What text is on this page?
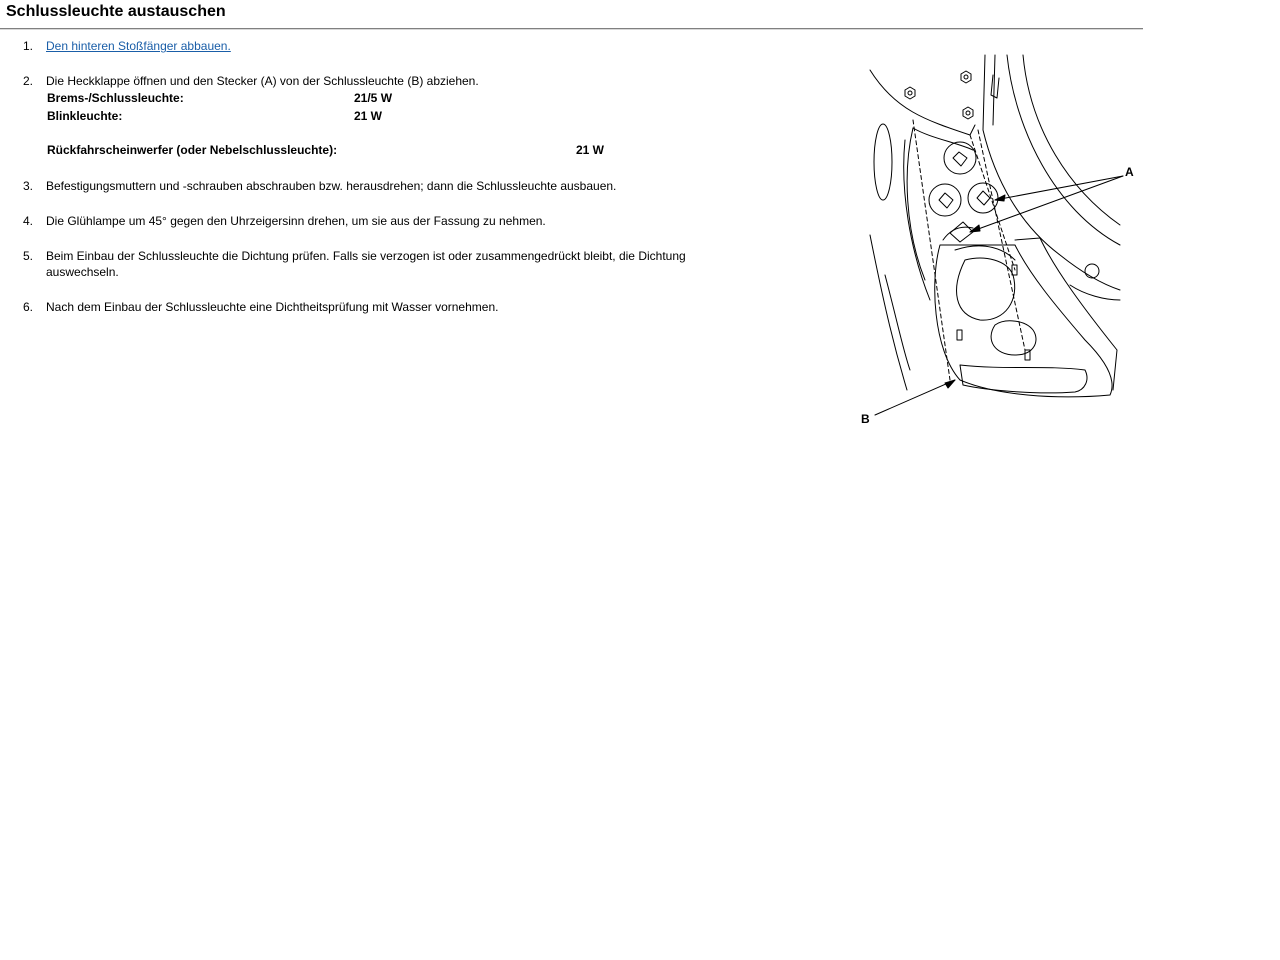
Schlussleuchte austauschen
1.	Den hinteren Stoßfänger abbauen.
2.	Die Heckklappe öffnen und den Stecker (A) von der Schlussleuchte (B) abziehen.
Brems-/Schlussleuchte:	21/5 W
Blinkleuchte:	21 W
Rückfahrscheinwerfer (oder Nebelschlussleuchte):	21 W
3.	Befestigungsmuttern und -schrauben abschrauben bzw. herausdrehen; dann die Schlussleuchte ausbauen.
4.	Die Glühlampe um 45° gegen den Uhrzeigersinn drehen, um sie aus der Fassung zu nehmen.
5.	Beim Einbau der Schlussleuchte die Dichtung prüfen. Falls sie verzogen ist oder zusammengedrückt bleibt, die Dichtung auswechseln.
6.	Nach dem Einbau der Schlussleuchte eine Dichtheitsprüfung mit Wasser vornehmen.
A
B
